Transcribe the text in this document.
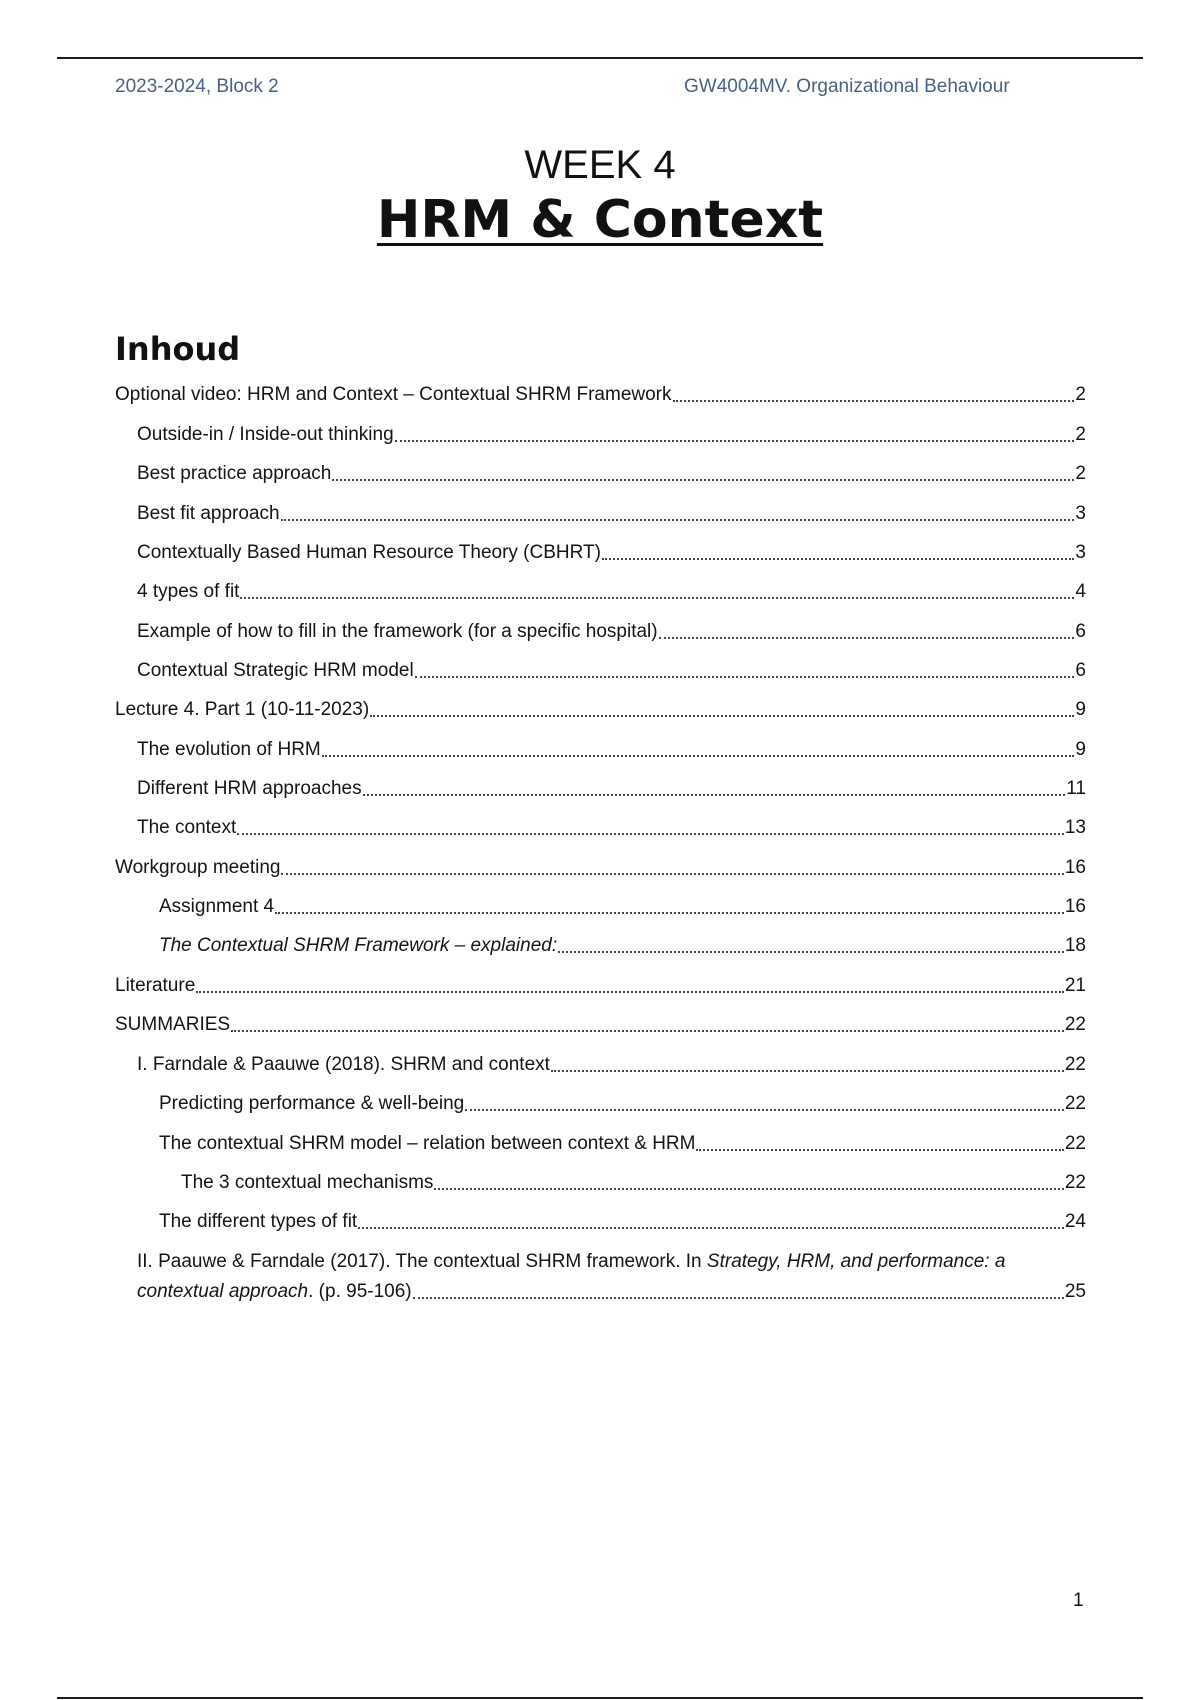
2023-2024, Block 2	GW4004MV. Organizational Behaviour
WEEK 4
HRM & Context
Inhoud
Optional video: HRM and Context – Contextual SHRM Framework	2
Outside-in / Inside-out thinking	2
Best practice approach	2
Best fit approach	3
Contextually Based Human Resource Theory (CBHRT)	3
4 types of fit	4
Example of how to fill in the framework (for a specific hospital)	6
Contextual Strategic HRM model	6
Lecture 4. Part 1 (10-11-2023)	9
The evolution of HRM	9
Different HRM approaches	11
The context	13
Workgroup meeting	16
Assignment 4	16
The Contextual SHRM Framework – explained:	18
Literature	21
SUMMARIES	22
I. Farndale & Paauwe (2018). SHRM and context	22
Predicting performance & well-being	22
The contextual SHRM model – relation between context & HRM	22
The 3 contextual mechanisms	22
The different types of fit	24
II. Paauwe & Farndale (2017). The contextual SHRM framework. In Strategy, HRM, and performance: a
contextual approach. (p. 95-106)	25
1
